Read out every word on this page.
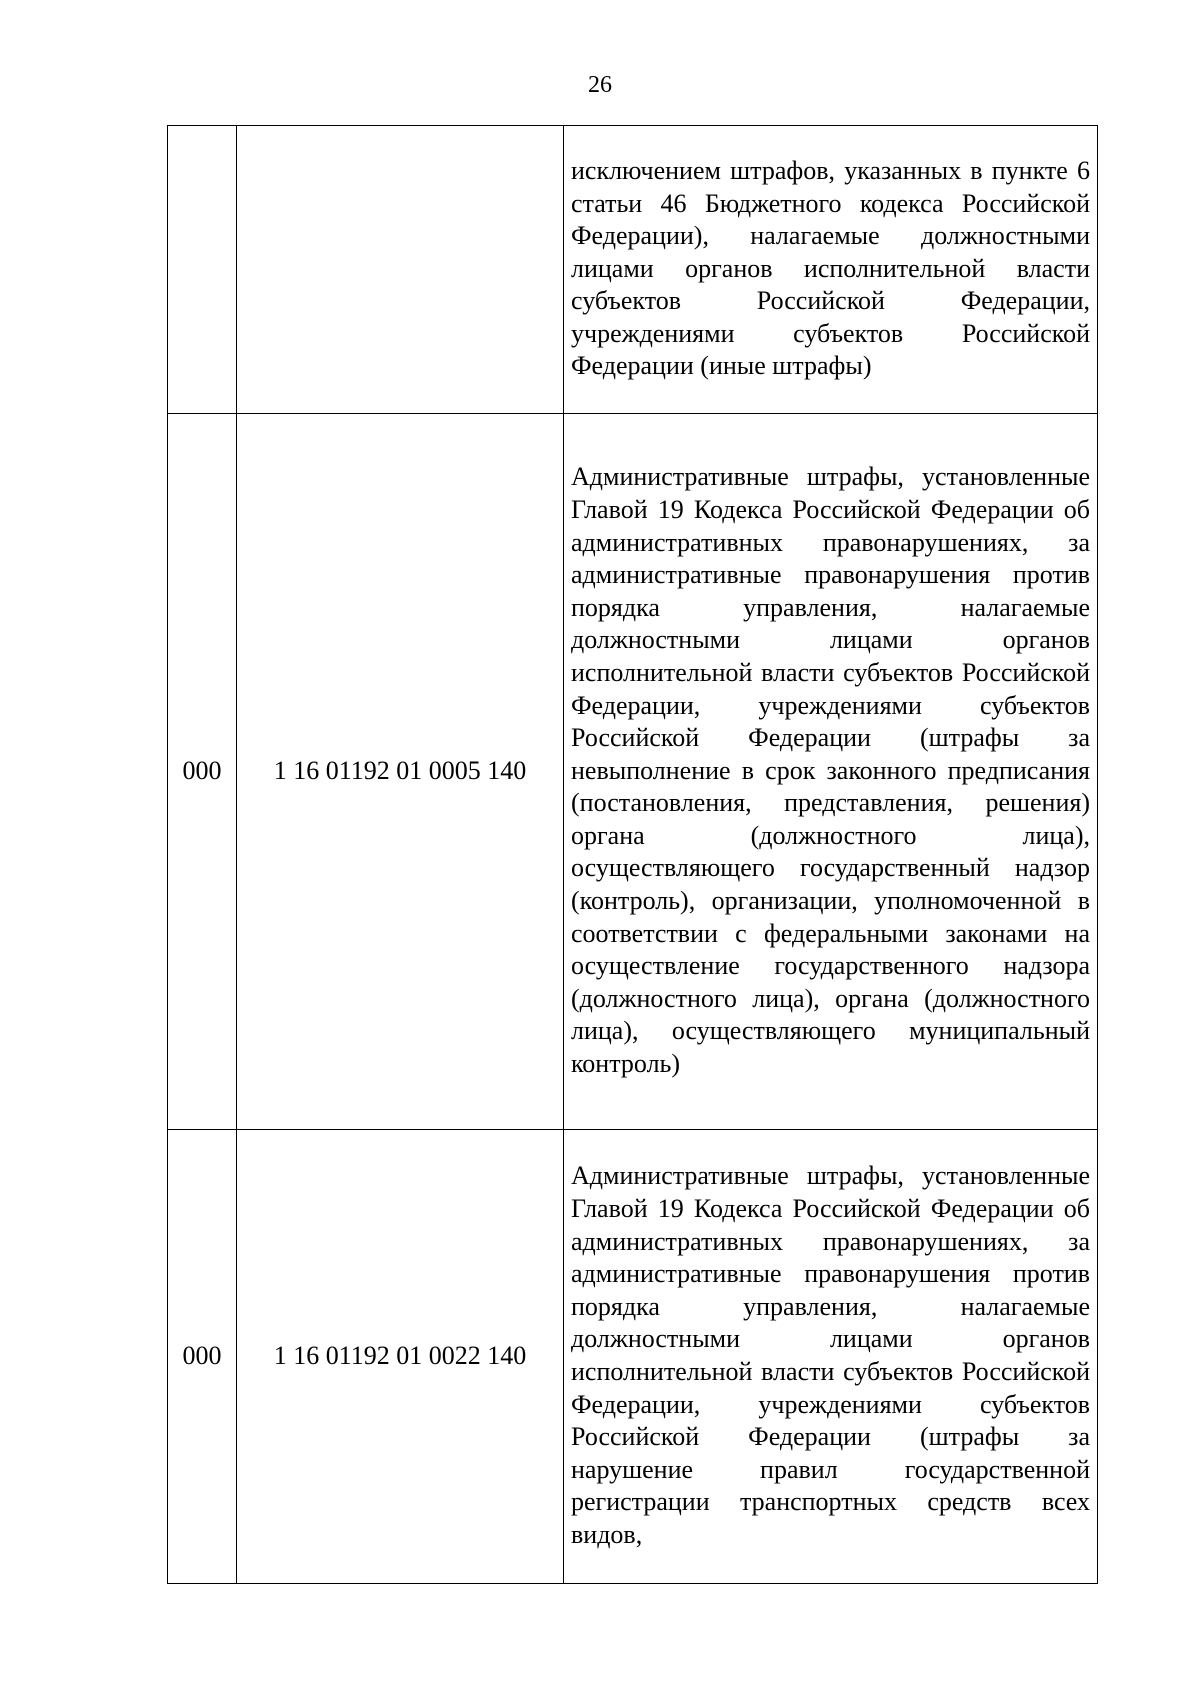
26

		исключением штрафов, указанных в пункте 6 статьи 46 Бюджетного кодекса Российской Федерации), налагаемые должностными лицами органов исполнительной власти субъектов Российской Федерации, учреждениями субъектов Российской Федерации (иные штрафы)

000	1 16 01192 01 0005 140	Административные штрафы, установленные Главой 19 Кодекса Российской Федерации об административных правонарушениях, за административные правонарушения против порядка управления, налагаемые должностными лицами органов исполнительной власти субъектов Российской Федерации, учреждениями субъектов Российской Федерации (штрафы за невыполнение в срок законного предписания (постановления, представления, решения) органа (должностного лица), осуществляющего государственный надзор (контроль), организации, уполномоченной в соответствии с федеральными законами на осуществление государственного надзора (должностного лица), органа (должностного лица), осуществляющего муниципальный контроль)

000	1 16 01192 01 0022 140	Административные штрафы, установленные Главой 19 Кодекса Российской Федерации об административных правонарушениях, за административные правонарушения против порядка управления, налагаемые должностными лицами органов исполнительной власти субъектов Российской Федерации, учреждениями субъектов Российской Федерации (штрафы за нарушение правил государственной регистрации транспортных средств всех видов,
